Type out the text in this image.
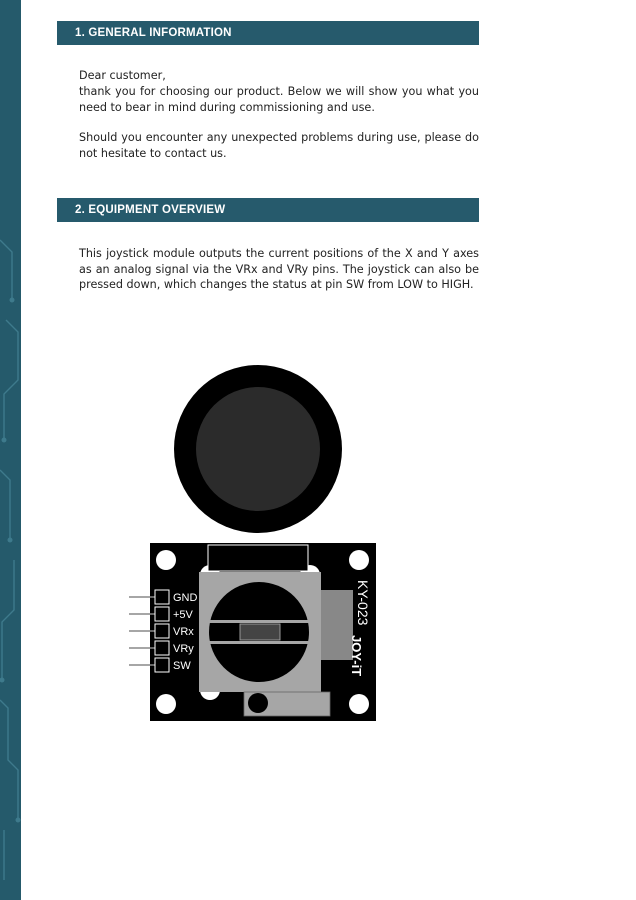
1. GENERAL INFORMATION

Dear customer,

thank you for choosing our product. Below we will show you what you need to bear in mind during commissioning and use.

Should you encounter any unexpected problems during use, please do not hesitate to contact us.

2. EQUIPMENT OVERVIEW

This joystick module outputs the current positions of the X and Y axes as an analog signal via the VRx and VRy pins. The joystick can also be pressed down, which changes the status at pin SW from LOW to HIGH.

GND
+5V
VRx
VRy
SW
KY-023
JOY-iT
